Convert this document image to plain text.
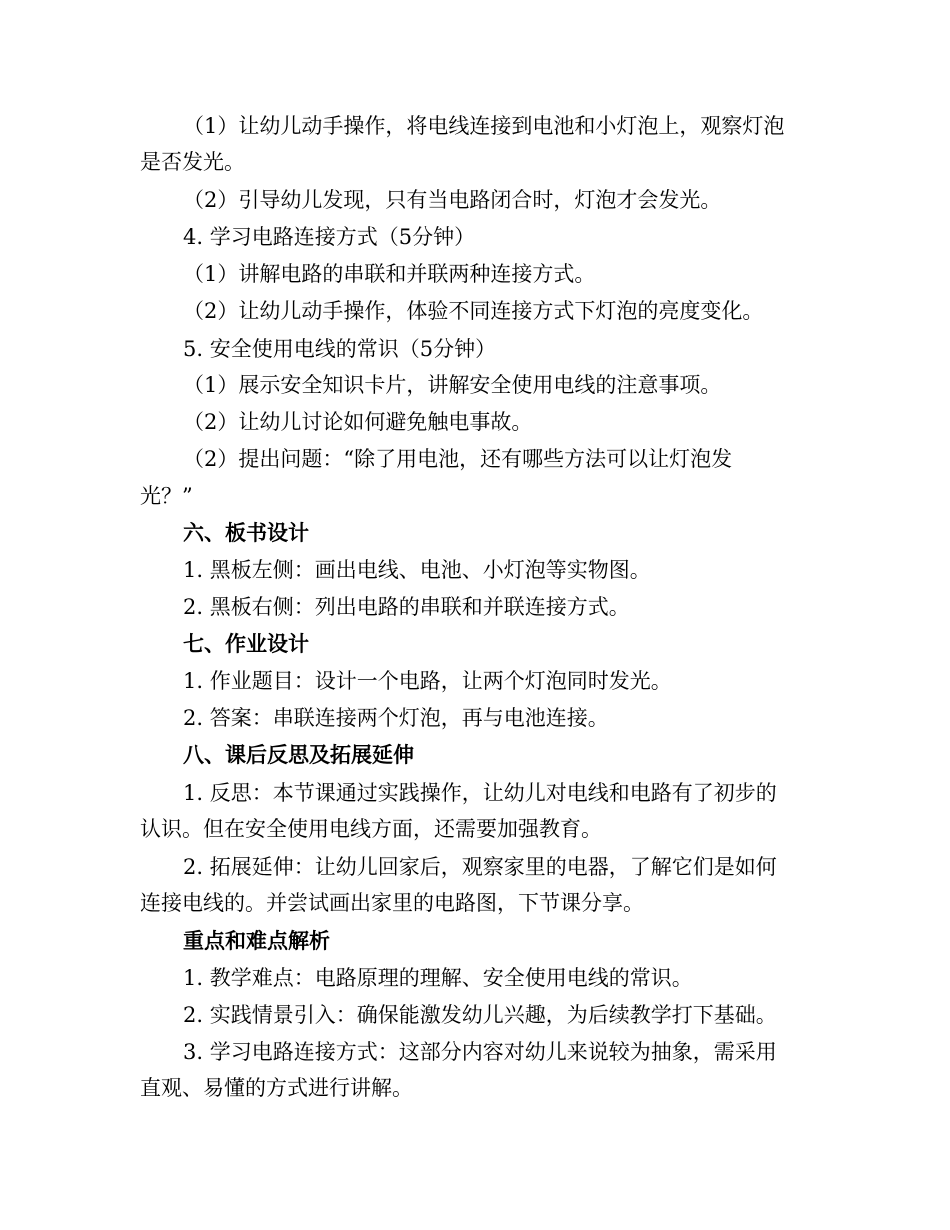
（1）让幼儿动手操作，将电线连接到电池和小灯泡上，观察灯泡
是否发光。
（2）引导幼儿发现，只有当电路闭合时，灯泡才会发光。
4. 学习电路连接方式（5分钟）
（1）讲解电路的串联和并联两种连接方式。
（2）让幼儿动手操作，体验不同连接方式下灯泡的亮度变化。
5. 安全使用电线的常识（5分钟）
（1）展示安全知识卡片，讲解安全使用电线的注意事项。
（2）让幼儿讨论如何避免触电事故。
（2）提出问题：“除了用电池，还有哪些方法可以让灯泡发
光？”
六、板书设计
1. 黑板左侧：画出电线、电池、小灯泡等实物图。
2. 黑板右侧：列出电路的串联和并联连接方式。
七、作业设计
1. 作业题目：设计一个电路，让两个灯泡同时发光。
2. 答案：串联连接两个灯泡，再与电池连接。
八、课后反思及拓展延伸
1. 反思：本节课通过实践操作，让幼儿对电线和电路有了初步的
认识。但在安全使用电线方面，还需要加强教育。
2. 拓展延伸：让幼儿回家后，观察家里的电器，了解它们是如何
连接电线的。并尝试画出家里的电路图，下节课分享。
重点和难点解析
1. 教学难点：电路原理的理解、安全使用电线的常识。
2. 实践情景引入：确保能激发幼儿兴趣，为后续教学打下基础。
3. 学习电路连接方式：这部分内容对幼儿来说较为抽象，需采用
直观、易懂的方式进行讲解。
